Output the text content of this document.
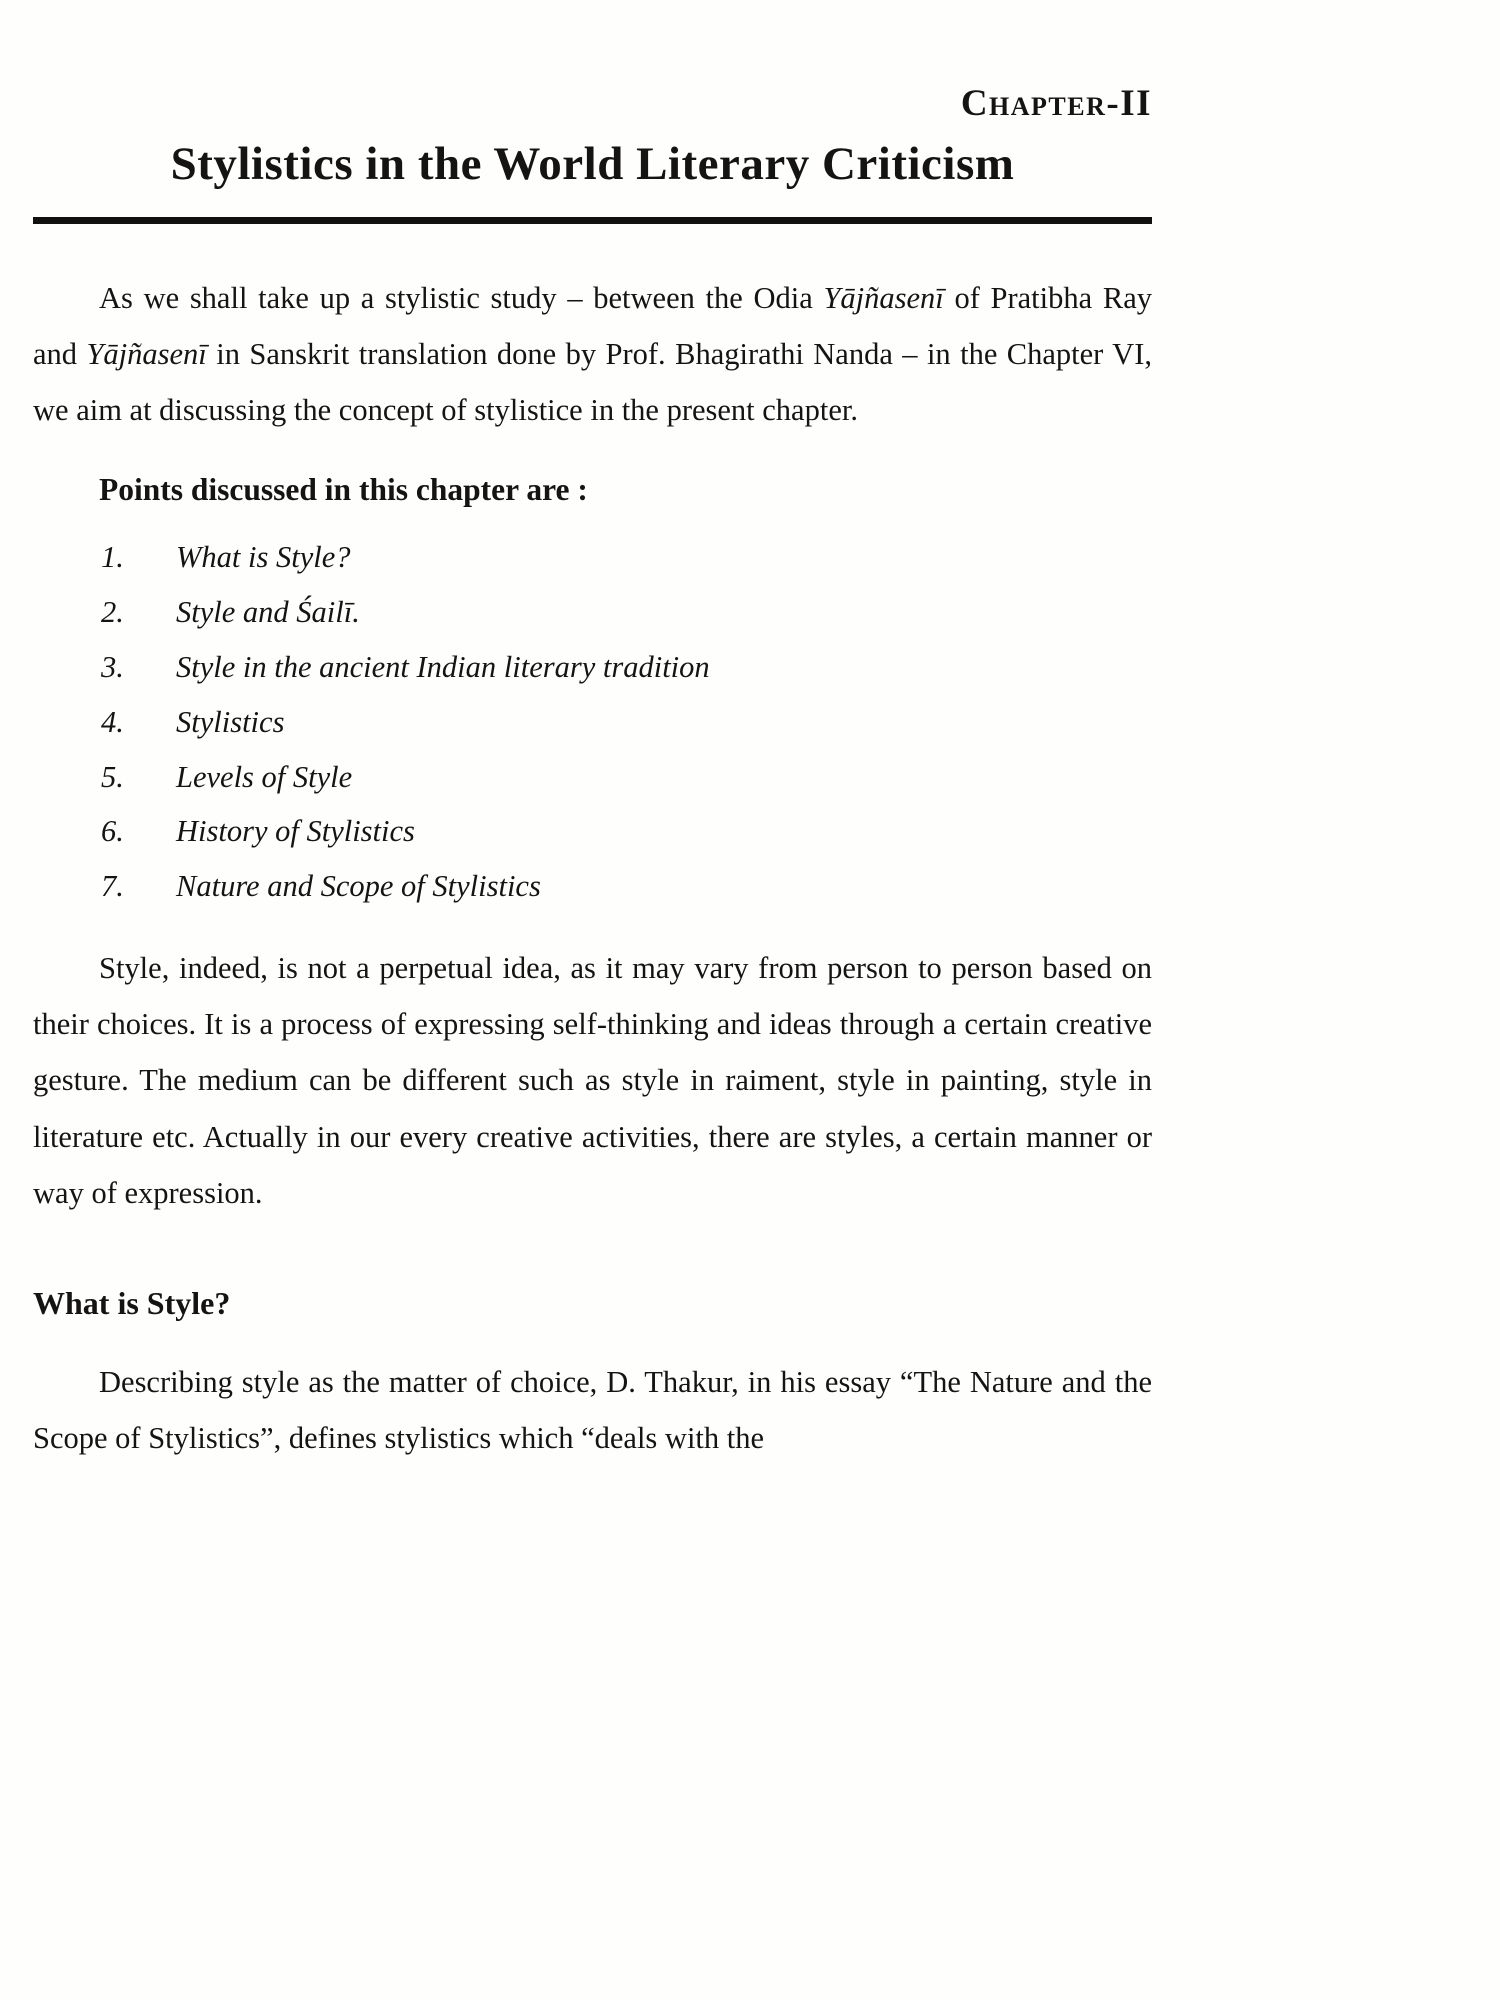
Chapter-II
Stylistics in the World Literary Criticism

As we shall take up a stylistic study – between the Odia Yājñasenī of Pratibha Ray and Yājñasenī in Sanskrit translation done by Prof. Bhagirathi Nanda – in the Chapter VI, we aim at discussing the concept of stylistice in the present chapter.

Points discussed in this chapter are :
1.	What is Style?
2.	Style and Śailī.
3.	Style in the ancient Indian literary tradition
4.	Stylistics
5.	Levels of Style
6.	History of Stylistics
7.	Nature and Scope of Stylistics

Style, indeed, is not a perpetual idea, as it may vary from person to person based on their choices. It is a process of expressing self-thinking and ideas through a certain creative gesture. The medium can be different such as style in raiment, style in painting, style in literature etc. Actually in our every creative activities, there are styles, a certain manner or way of expression.

What is Style?

Describing style as the matter of choice, D. Thakur, in his essay “The Nature and the Scope of Stylistics”, defines stylistics which “deals with the
